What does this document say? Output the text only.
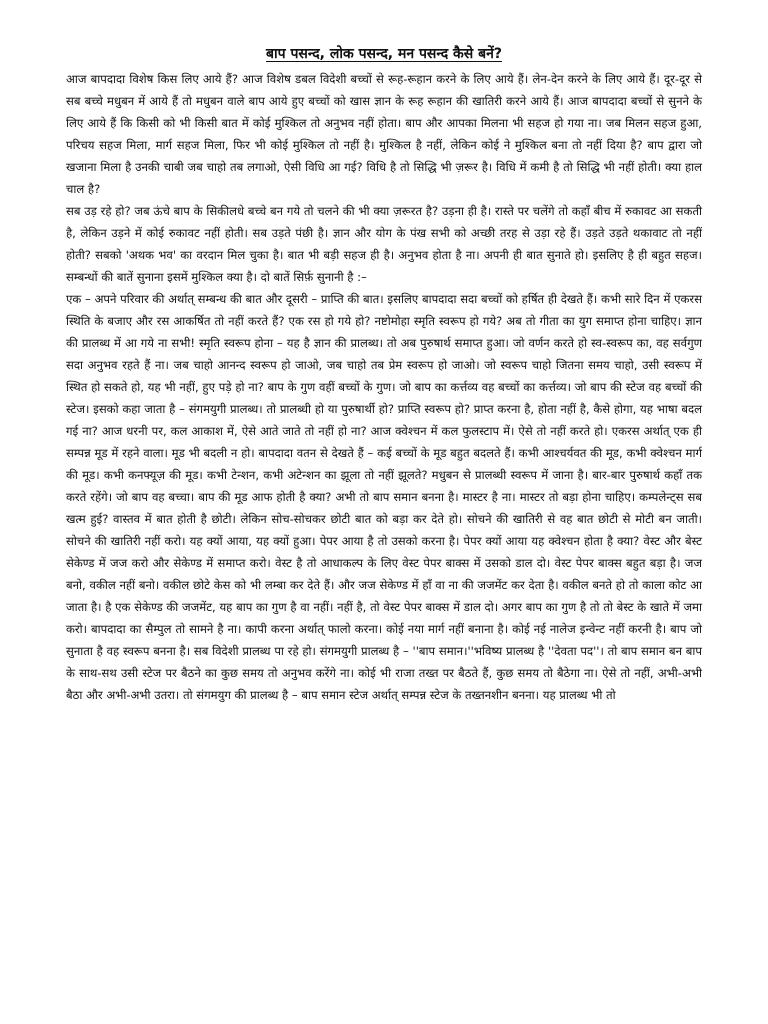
बाप पसन्द, लोक पसन्द, मन पसन्द कैसे बनें?

आज बापदादा विशेष किस लिए आये हैं? आज विशेष डबल विदेशी बच्चों से रूह-रूहान करने के लिए आये हैं। लेन-देन करने के लिए आये हैं। दूर-दूर से सब बच्चे मधुबन में आये हैं तो मधुबन वाले बाप आये हुए बच्चों को खास ज्ञान के रूह रूहान की खातिरी करने आये हैं। आज बापदादा बच्चों से सुनने के लिए आये हैं कि किसी को भी किसी बात में कोई मुश्किल तो अनुभव नहीं होता। बाप और आपका मिलना भी सहज हो गया ना। जब मिलन सहज हुआ, परिचय सहज मिला, मार्ग सहज मिला, फिर भी कोई मुश्किल तो नहीं है। मुश्किल है नहीं, लेकिन कोई ने मुश्किल बना तो नहीं दिया है? बाप द्वारा जो खजाना मिला है उनकी चाबी जब चाहो तब लगाओ, ऐसी विधि आ गई? विधि है तो सिद्धि भी ज़रूर है। विधि में कमी है तो सिद्धि भी नहीं होती। क्या हाल चाल है?

सब उड़ रहे हो? जब ऊंचे बाप के सिकीलधे बच्चे बन गये तो चलने की भी क्या ज़रूरत है? उड़ना ही है। रास्ते पर चलेंगे तो कहाँ बीच में रुकावट आ सकती है, लेकिन उड़ने में कोई रुकावट नहीं होती। सब उड़ते पंछी है। ज्ञान और योग के पंख सभी को अच्छी तरह से उड़ा रहे हैं। उड़ते उड़ते थकावाट तो नहीं होती? सबको 'अथक भव' का वरदान मिल चुका है। बात भी बड़ी सहज ही है। अनुभव होता है ना। अपनी ही बात सुनाते हो। इसलिए है ही बहुत सहज। सम्बन्धों की बातें सुनाना इसमें मुश्किल क्या है। दो बातें सिर्फ़ सुनानी है :–

एक – अपने परिवार की अर्थात् सम्बन्ध की बात और दूसरी – प्राप्ति की बात। इसलिए बापदादा सदा बच्चों को हर्षित ही देखते हैं। कभी सारे दिन में एकरस स्थिति के बजाए और रस आकर्षित तो नहीं करते हैं? एक रस हो गये हो? नष्टोमोहा स्मृति स्वरूप हो गये? अब तो गीता का युग समाप्त होना चाहिए। ज्ञान की प्रालब्ध में आ गये ना सभी! स्मृति स्वरूप होना – यह है ज्ञान की प्रालब्ध। तो अब पुरुषार्थ समाप्त हुआ। जो वर्णन करते हो स्व-स्वरूप का, वह सर्वगुण सदा अनुभव रहते हैं ना। जब चाहो आनन्द स्वरूप हो जाओ, जब चाहो तब प्रेम स्वरूप हो जाओ। जो स्वरूप चाहो जितना समय चाहो, उसी स्वरूप में स्थित हो सकते हो, यह भी नहीं, हुए पड़े हो ना? बाप के गुण वहीं बच्चों के गुण। जो बाप का कर्त्तव्य वह बच्चों का कर्त्तव्य। जो बाप की स्टेज वह बच्चों की स्टेज। इसको कहा जाता है – संगमयुगी प्रालब्ध। तो प्रालब्धी हो या पुरुषार्थी हो? प्राप्ति स्वरूप हो? प्राप्त करना है, होता नहीं है, कैसे होगा, यह भाषा बदल गई ना? आज धरनी पर, कल आकाश में, ऐसे आते जाते तो नहीं हो ना? आज क्वेश्चन में कल फुलस्टाप में। ऐसे तो नहीं करते हो। एकरस अर्थात् एक ही सम्पन्न मूड में रहने वाला। मूड भी बदली न हो। बापदादा वतन से देखते हैं – कई बच्चों के मूड बहुत बदलते हैं। कभी आश्चर्यवत की मूड, कभी क्वेश्चन मार्ग की मूड। कभी कनफ्यूज़ की मूड। कभी टेन्शन, कभी अटेन्शन का झूला तो नहीं झूलते? मधुबन से प्रालब्धी स्वरूप में जाना है। बार-बार पुरुषार्थ कहाँ तक करते रहेंगे। जो बाप वह बच्चा। बाप की मूड आफ होती है क्या? अभी तो बाप समान बनना है। मास्टर है ना। मास्टर तो बड़ा होना चाहिए। कम्पलेन्ट्स सब खत्म हुई? वास्तव में बात होती है छोटी। लेकिन सोच-सोचकर छोटी बात को बड़ा कर देते हो। सोचने की खातिरी से वह बात छोटी से मोटी बन जाती। सोचने की खातिरी नहीं करो। यह क्यों आया, यह क्यों हुआ। पेपर आया है तो उसको करना है। पेपर क्यों आया यह क्वेश्चन होता है क्या? वेस्ट और बेस्ट सेकेण्ड में जज करो और सेकेण्ड में समाप्त करो। वेस्ट है तो आधाकल्प के लिए वेस्ट पेपर बाक्स में उसको डाल दो। वेस्ट पेपर बाक्स बहुत बड़ा है। जज बनो, वकील नहीं बनो। वकील छोटे केस को भी लम्बा कर देते हैं। और जज सेकेण्ड में हाँ वा ना की जजमेंट कर देता है। वकील बनते हो तो काला कोट आ जाता है। है एक सेकेण्ड की जजमेंट, यह बाप का गुण है वा नहीं। नहीं है, तो वेस्ट पेपर बाक्स में डाल दो। अगर बाप का गुण है तो तो बेस्ट के खाते में जमा करो। बापदादा का सैम्पुल तो सामने है ना। कापी करना अर्थात् फालो करना। कोई नया मार्ग नहीं बनाना है। कोई नई नालेज इन्वेन्ट नहीं करनी है। बाप जो सुनाता है वह स्वरूप बनना है। सब विदेशी प्रालब्ध पा रहे हो। संगमयुगी प्रालब्ध है – ''बाप समान।''भविष्य प्रालब्ध है ''देवता पद''। तो बाप समान बन बाप के साथ-सथ उसी स्टेज पर बैठने का कुछ समय तो अनुभव करेंगे ना। कोई भी राजा तख्त पर बैठते हैं, कुछ समय तो बैठेगा ना। ऐसे तो नहीं, अभी-अभी बैठा और अभी-अभी उतरा। तो संगमयुग की प्रालब्ध है – बाप समान स्टेज अर्थात् सम्पन्न स्टेज के तख्तनशीन बनना। यह प्रालब्ध भी तो
